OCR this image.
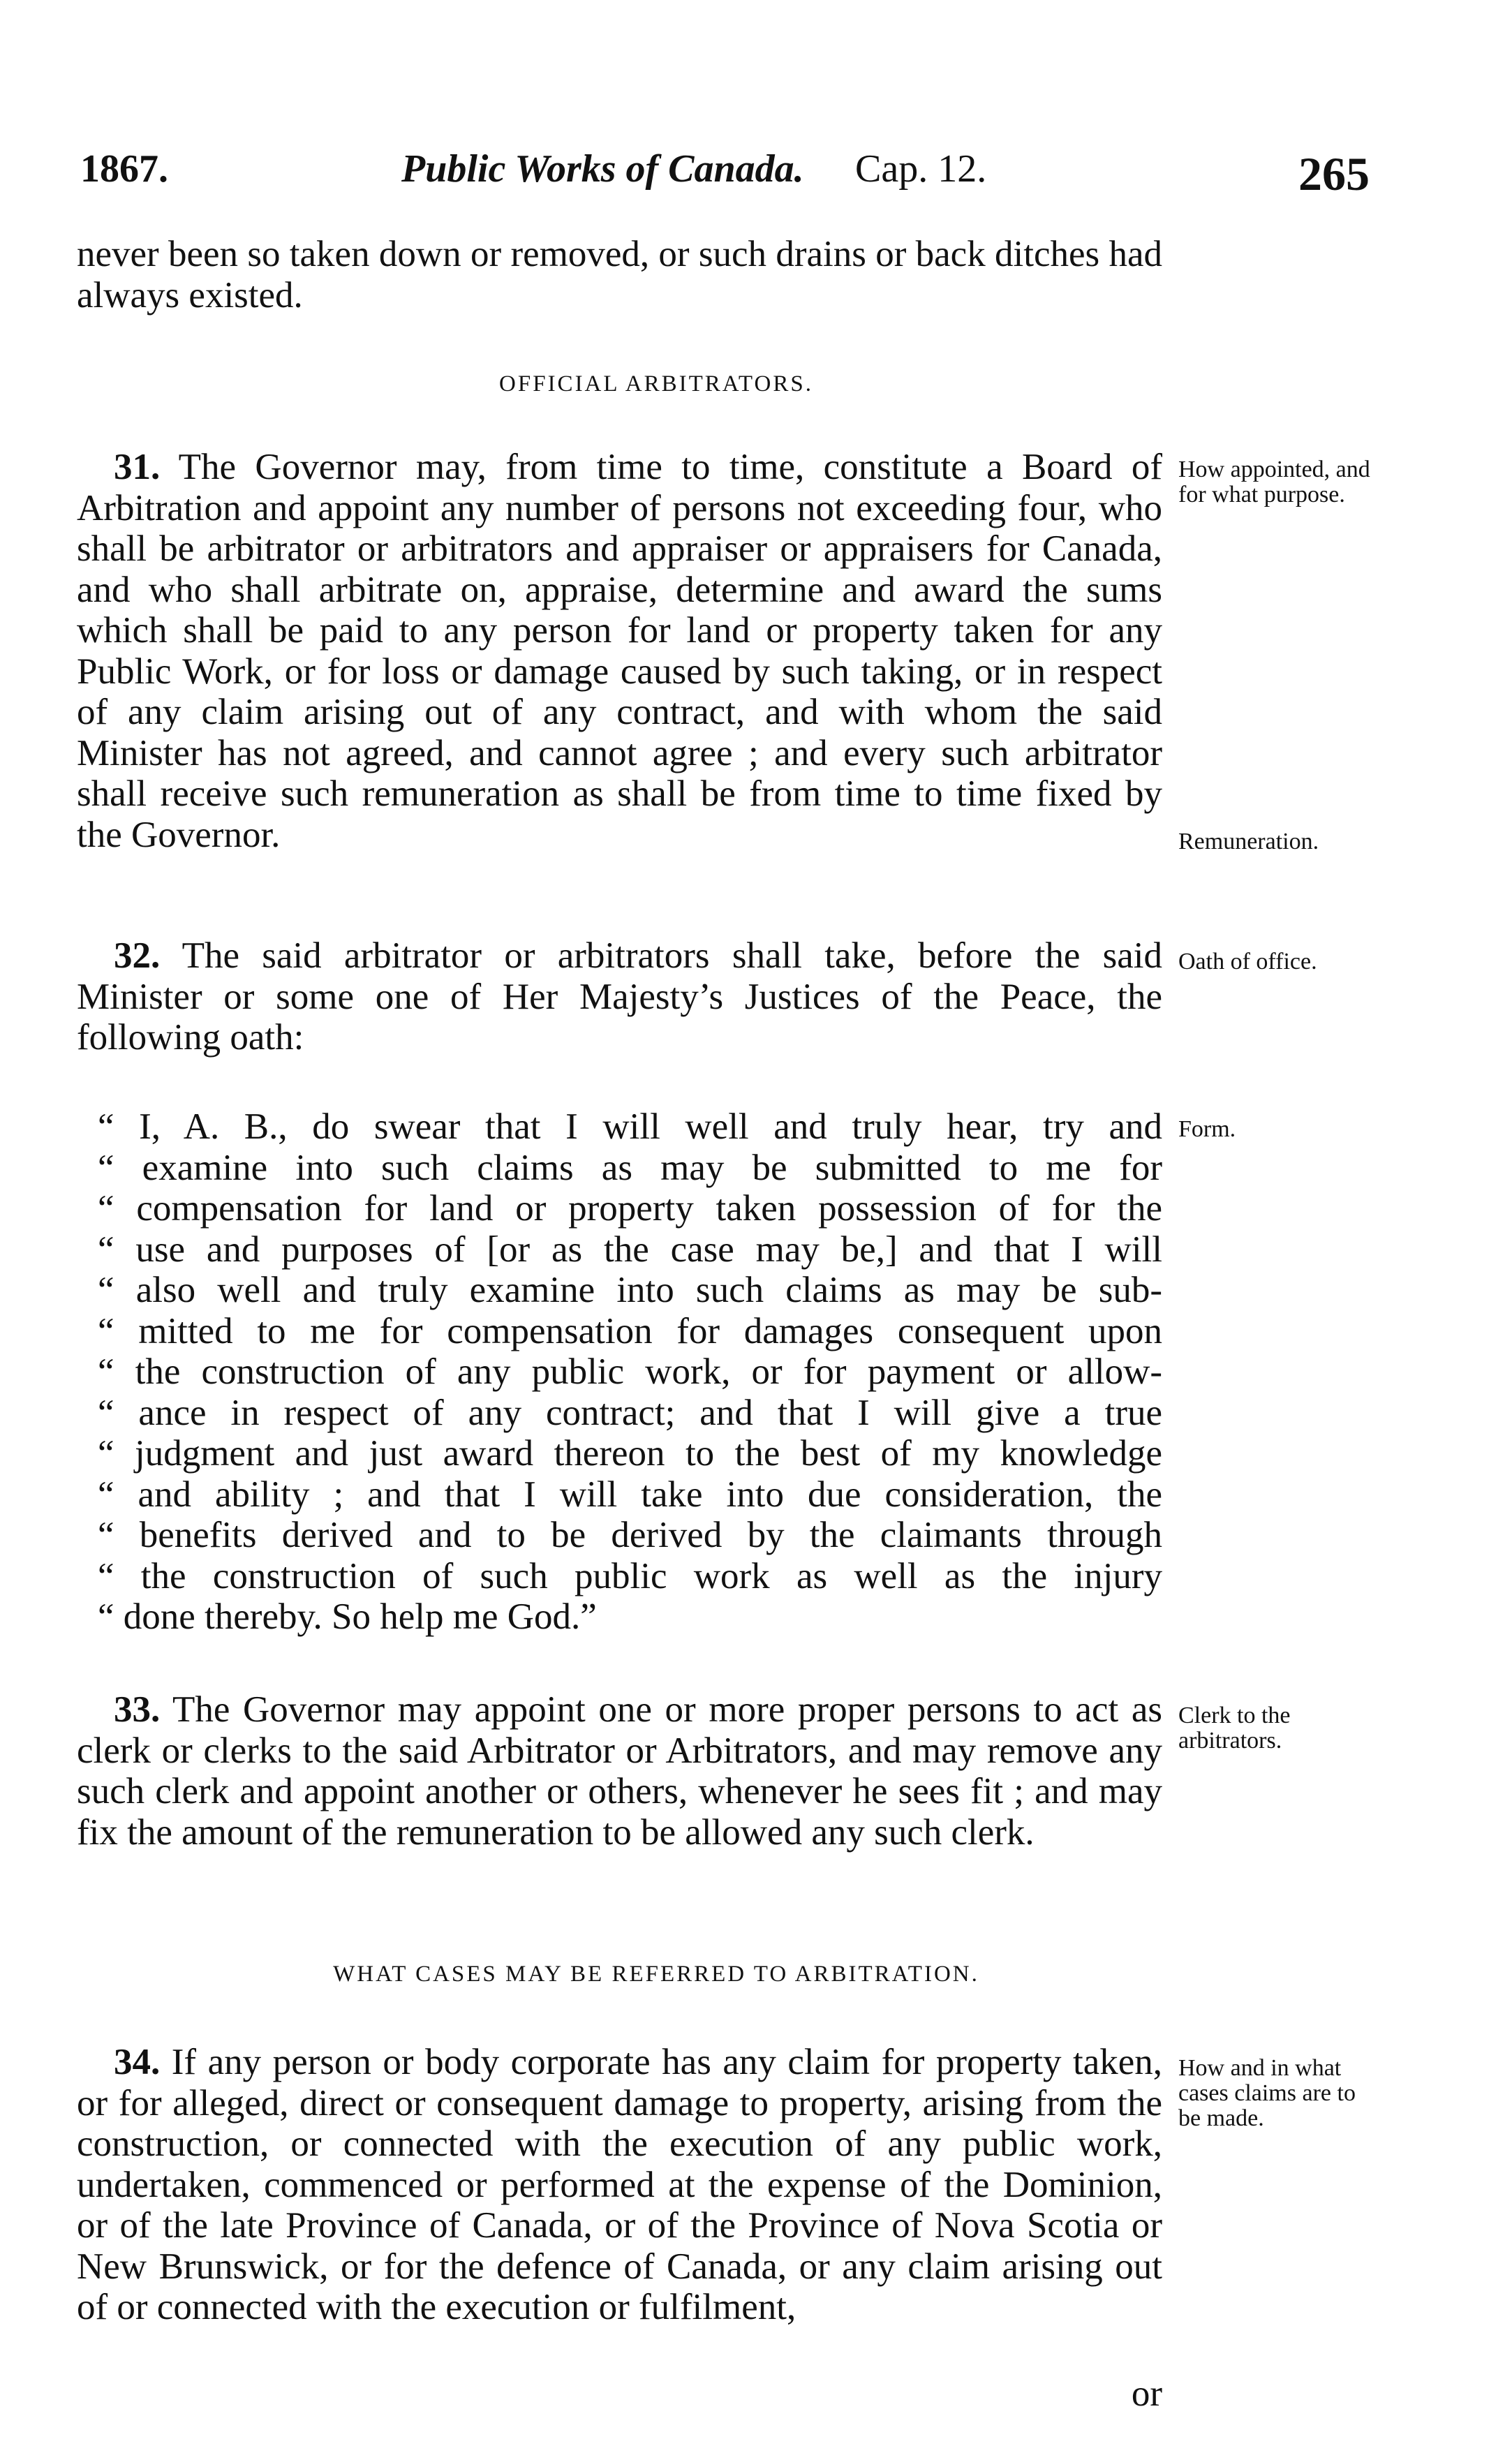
1867.	Public Works of Canada. Cap. 12.	265

never been so taken down or removed, or such drains or back ditches had always existed.

OFFICIAL ARBITRATORS.

 31. The Governor may, from time to time, constitute a Board of Arbitration and appoint any number of persons not exceeding four, who shall be arbitrator or arbitrators and appraiser or appraisers for Canada, and who shall arbitrate on, appraise, determine and award the sums which shall be paid to any person for land or property taken for any Public Work, or for loss or damage caused by such taking, or in respect of any claim arising out of any contract, and with whom the said Minister has not agreed, and cannot agree ; and every such arbitrator shall receive such remuneration as shall be from time to time fixed by the Governor.

 32. The said arbitrator or arbitrators shall take, before the said Minister or some one of Her Majesty’s Justices of the Peace, the following oath:

“ I, A. B., do swear that I will well and truly hear, try and
“ examine into such claims as may be submitted to me for
“ compensation for land or property taken possession of for the
“ use and purposes of [or as the case may be,] and that I will
“ also well and truly examine into such claims as may be sub-
“ mitted to me for compensation for damages consequent upon
“ the construction of any public work, or for payment or allow-
“ ance in respect of any contract; and that I will give a true
“ judgment and just award thereon to the best of my knowledge
“ and ability ; and that I will take into due consideration, the
“ benefits derived and to be derived by the claimants through
“ the construction of such public work as well as the injury
“ done thereby. So help me God.”

 33. The Governor may appoint one or more proper persons to act as clerk or clerks to the said Arbitrator or Arbitrators, and may remove any such clerk and appoint another or others, whenever he sees fit ; and may fix the amount of the remuneration to be allowed any such clerk.

WHAT CASES MAY BE REFERRED TO ARBITRATION.

 34. If any person or body corporate has any claim for property taken, or for alleged, direct or consequent damage to property, arising from the construction, or connected with the execution of any public work, undertaken, commenced or performed at the expense of the Dominion, or of the late Province of Canada, or of the Province of Nova Scotia or New Brunswick, or for the defence of Canada, or any claim arising out of or connected with the execution or fulfilment,

or
How appointed, and for what purpose.
Remuneration.
Oath of office.
Form.
Clerk to the arbitrators.
How and in what cases claims are to be made.
